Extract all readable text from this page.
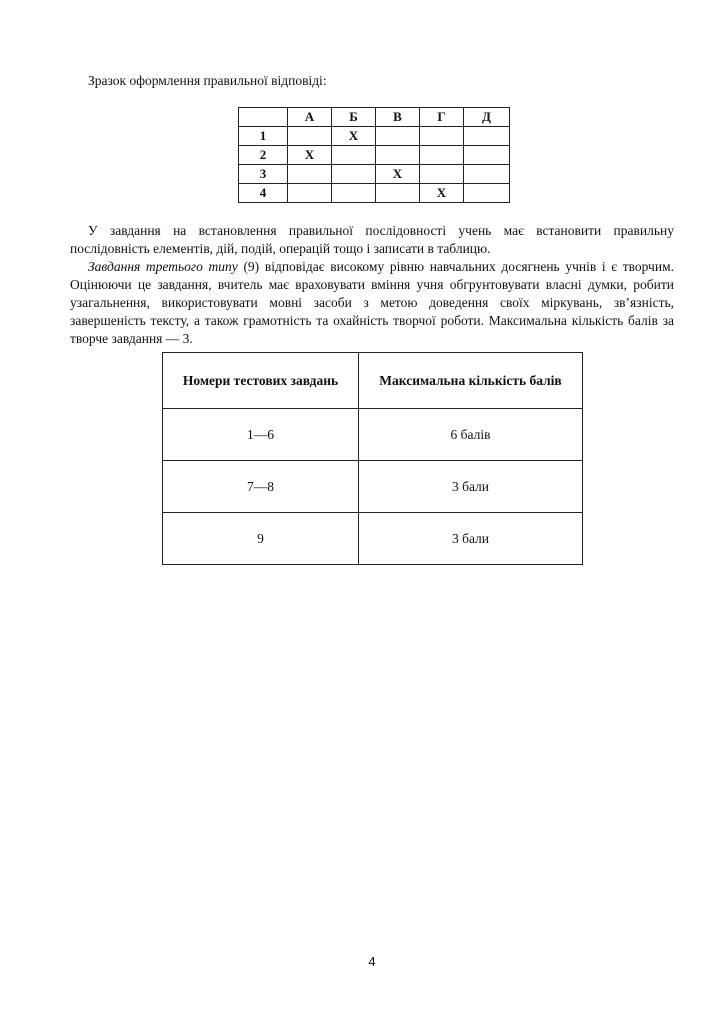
Зразок оформлення правильної відповіді:

	А	Б	В	Г	Д
1		Х			
2	Х				
3			Х		
4				Х	

У завдання на встановлення правильної послідовності учень має встановити правильну послідовність елементів, дій, подій, операцій тощо і записати в таблицю.

Завдання третього типу (9) відповідає високому рівню навчальних досягнень учнів і є творчим. Оцінюючи це завдання, вчитель має враховувати вміння учня обгрунтовувати власні думки, робити узагальнення, використовувати мовні засоби з метою доведення своїх міркувань, зв’язність, завершеність тексту, а також грамотність та охайність творчої роботи. Максимальна кількість балів за творче завдання — 3.

Номери тестових завдань	Максимальна кількість балів
1—6	6 балів
7—8	3 бали
9	3 бали
4
